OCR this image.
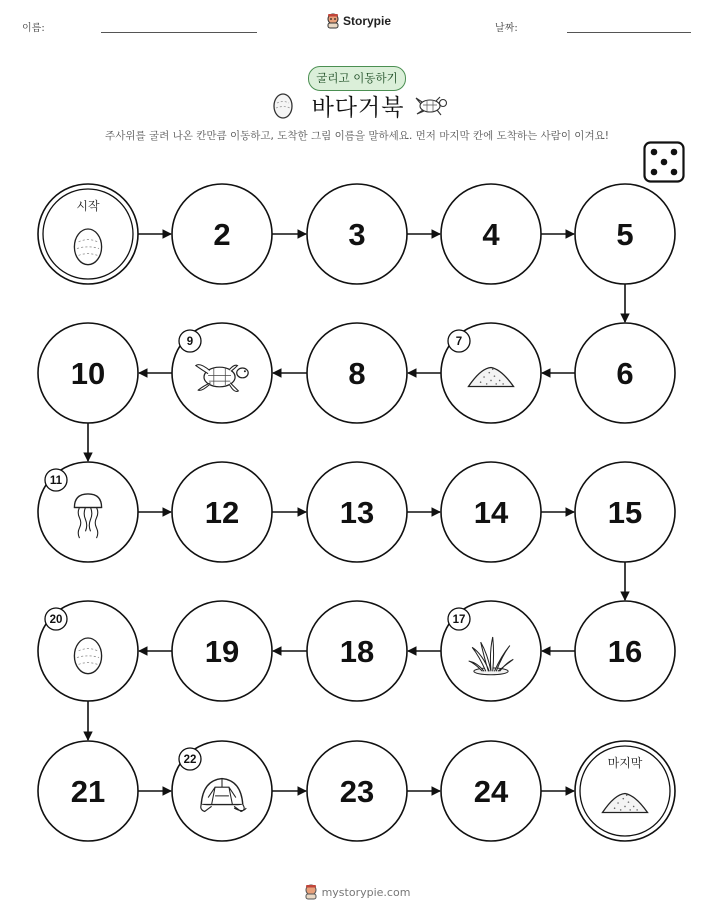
이름:
Storypie
날짜:
굴리고 이동하기
바다거북
주사위를 굴려 나온 칸만큼 이동하고, 도착한 그림 이름을 말하세요. 먼저 마지막 칸에 도착하는 사람이 이겨요!
시작
2	3	4	5
6
7
8
9
10
11
12	13	14	15
16
17
18
19
20
21
22
23	24
마지막
mystorypie.com
